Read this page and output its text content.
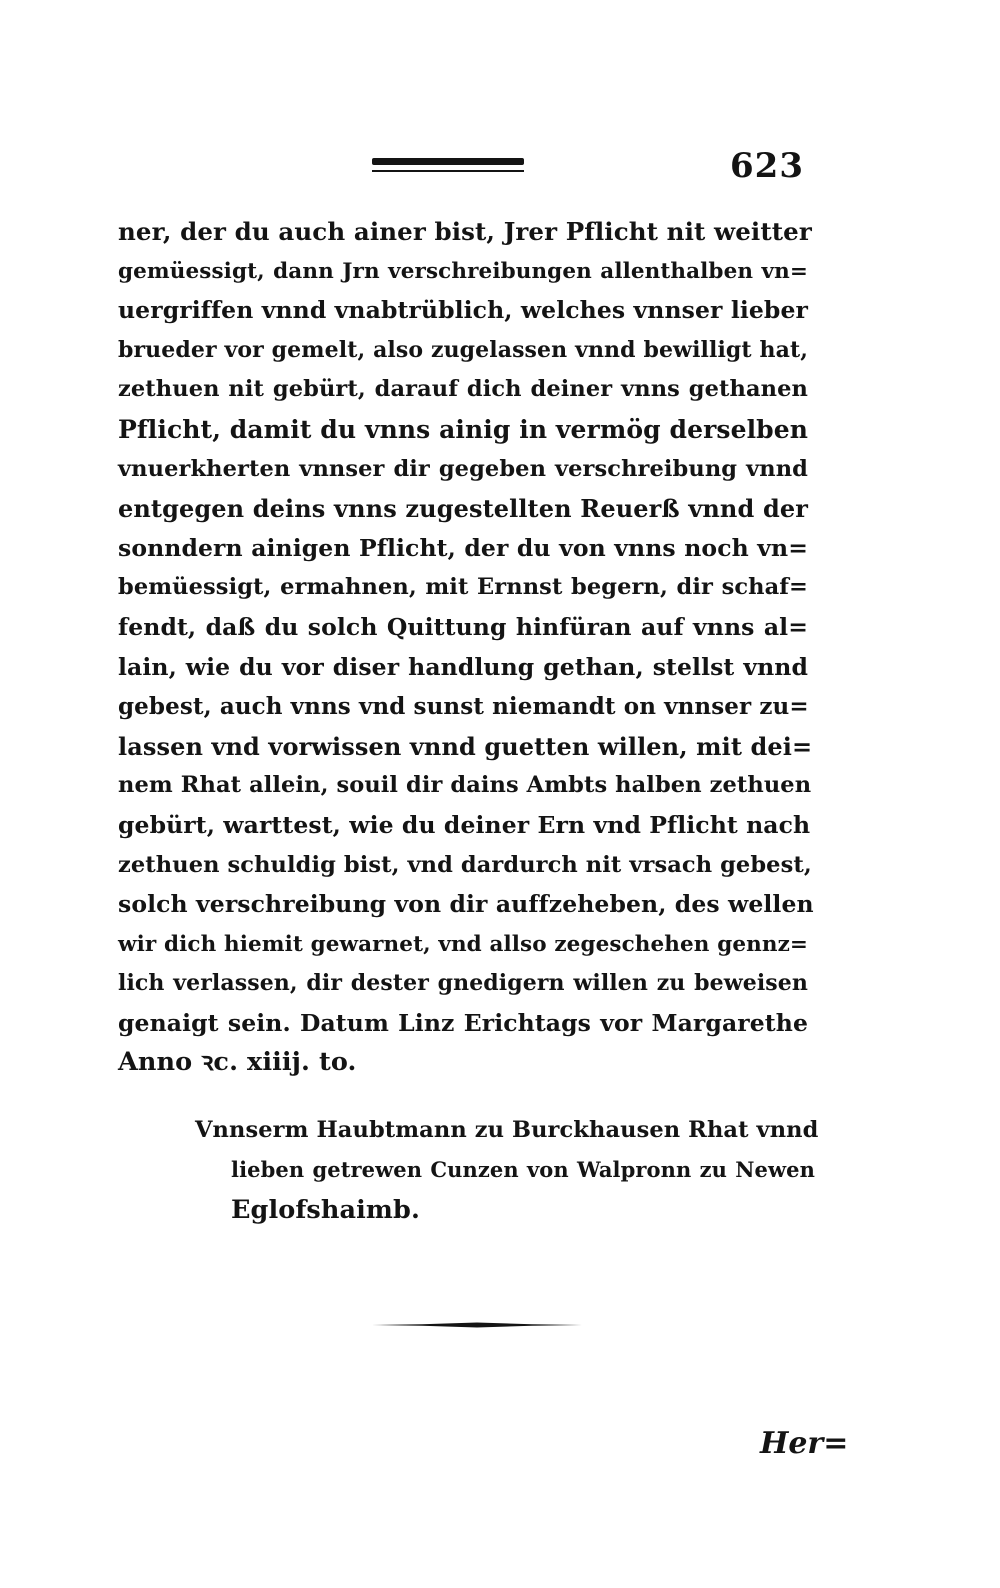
623
ner, der du auch ainer bist, Jrer Pflicht nit weitter
gemüessigt, dann Jrn verschreibungen allenthalben vn=
uergriffen vnnd vnabtrüblich, welches vnnser lieber
brueder vor gemelt, also zugelassen vnnd bewilligt hat,
zethuen nit gebürt, darauf dich deiner vnns gethanen
Pflicht, damit du vnns ainig in vermög derselben
vnuerkherten vnnser dir gegeben verschreibung vnnd
entgegen deins vnns zugestellten Reuerß vnnd der
sonndern ainigen Pflicht, der du von vnns noch vn=
bemüessigt, ermahnen, mit Ernnst begern, dir schaf=
fendt, daß du solch Quittung hinfüran auf vnns al=
lain, wie du vor diser handlung gethan, stellst vnnd
gebest, auch vnns vnd sunst niemandt on vnnser zu=
lassen vnd vorwissen vnnd guetten willen, mit dei=
nem Rhat allein, souil dir dains Ambts halben zethuen
gebürt, warttest, wie du deiner Ern vnd Pflicht nach
zethuen schuldig bist, vnd dardurch nit vrsach gebest,
solch verschreibung von dir auffzeheben, des wellen
wir dich hiemit gewarnet, vnd allso zegeschehen gennz=
lich verlassen, dir dester gnedigern willen zu beweisen
genaigt sein. Datum Linz Erichtags vor Margarethe
Anno ꝛc. xiiij. to.
Vnnserm Haubtmann zu Burckhausen Rhat vnnd
lieben getrewen Cunzen von Walpronn zu Newen
Eglofshaimb.
Her=
